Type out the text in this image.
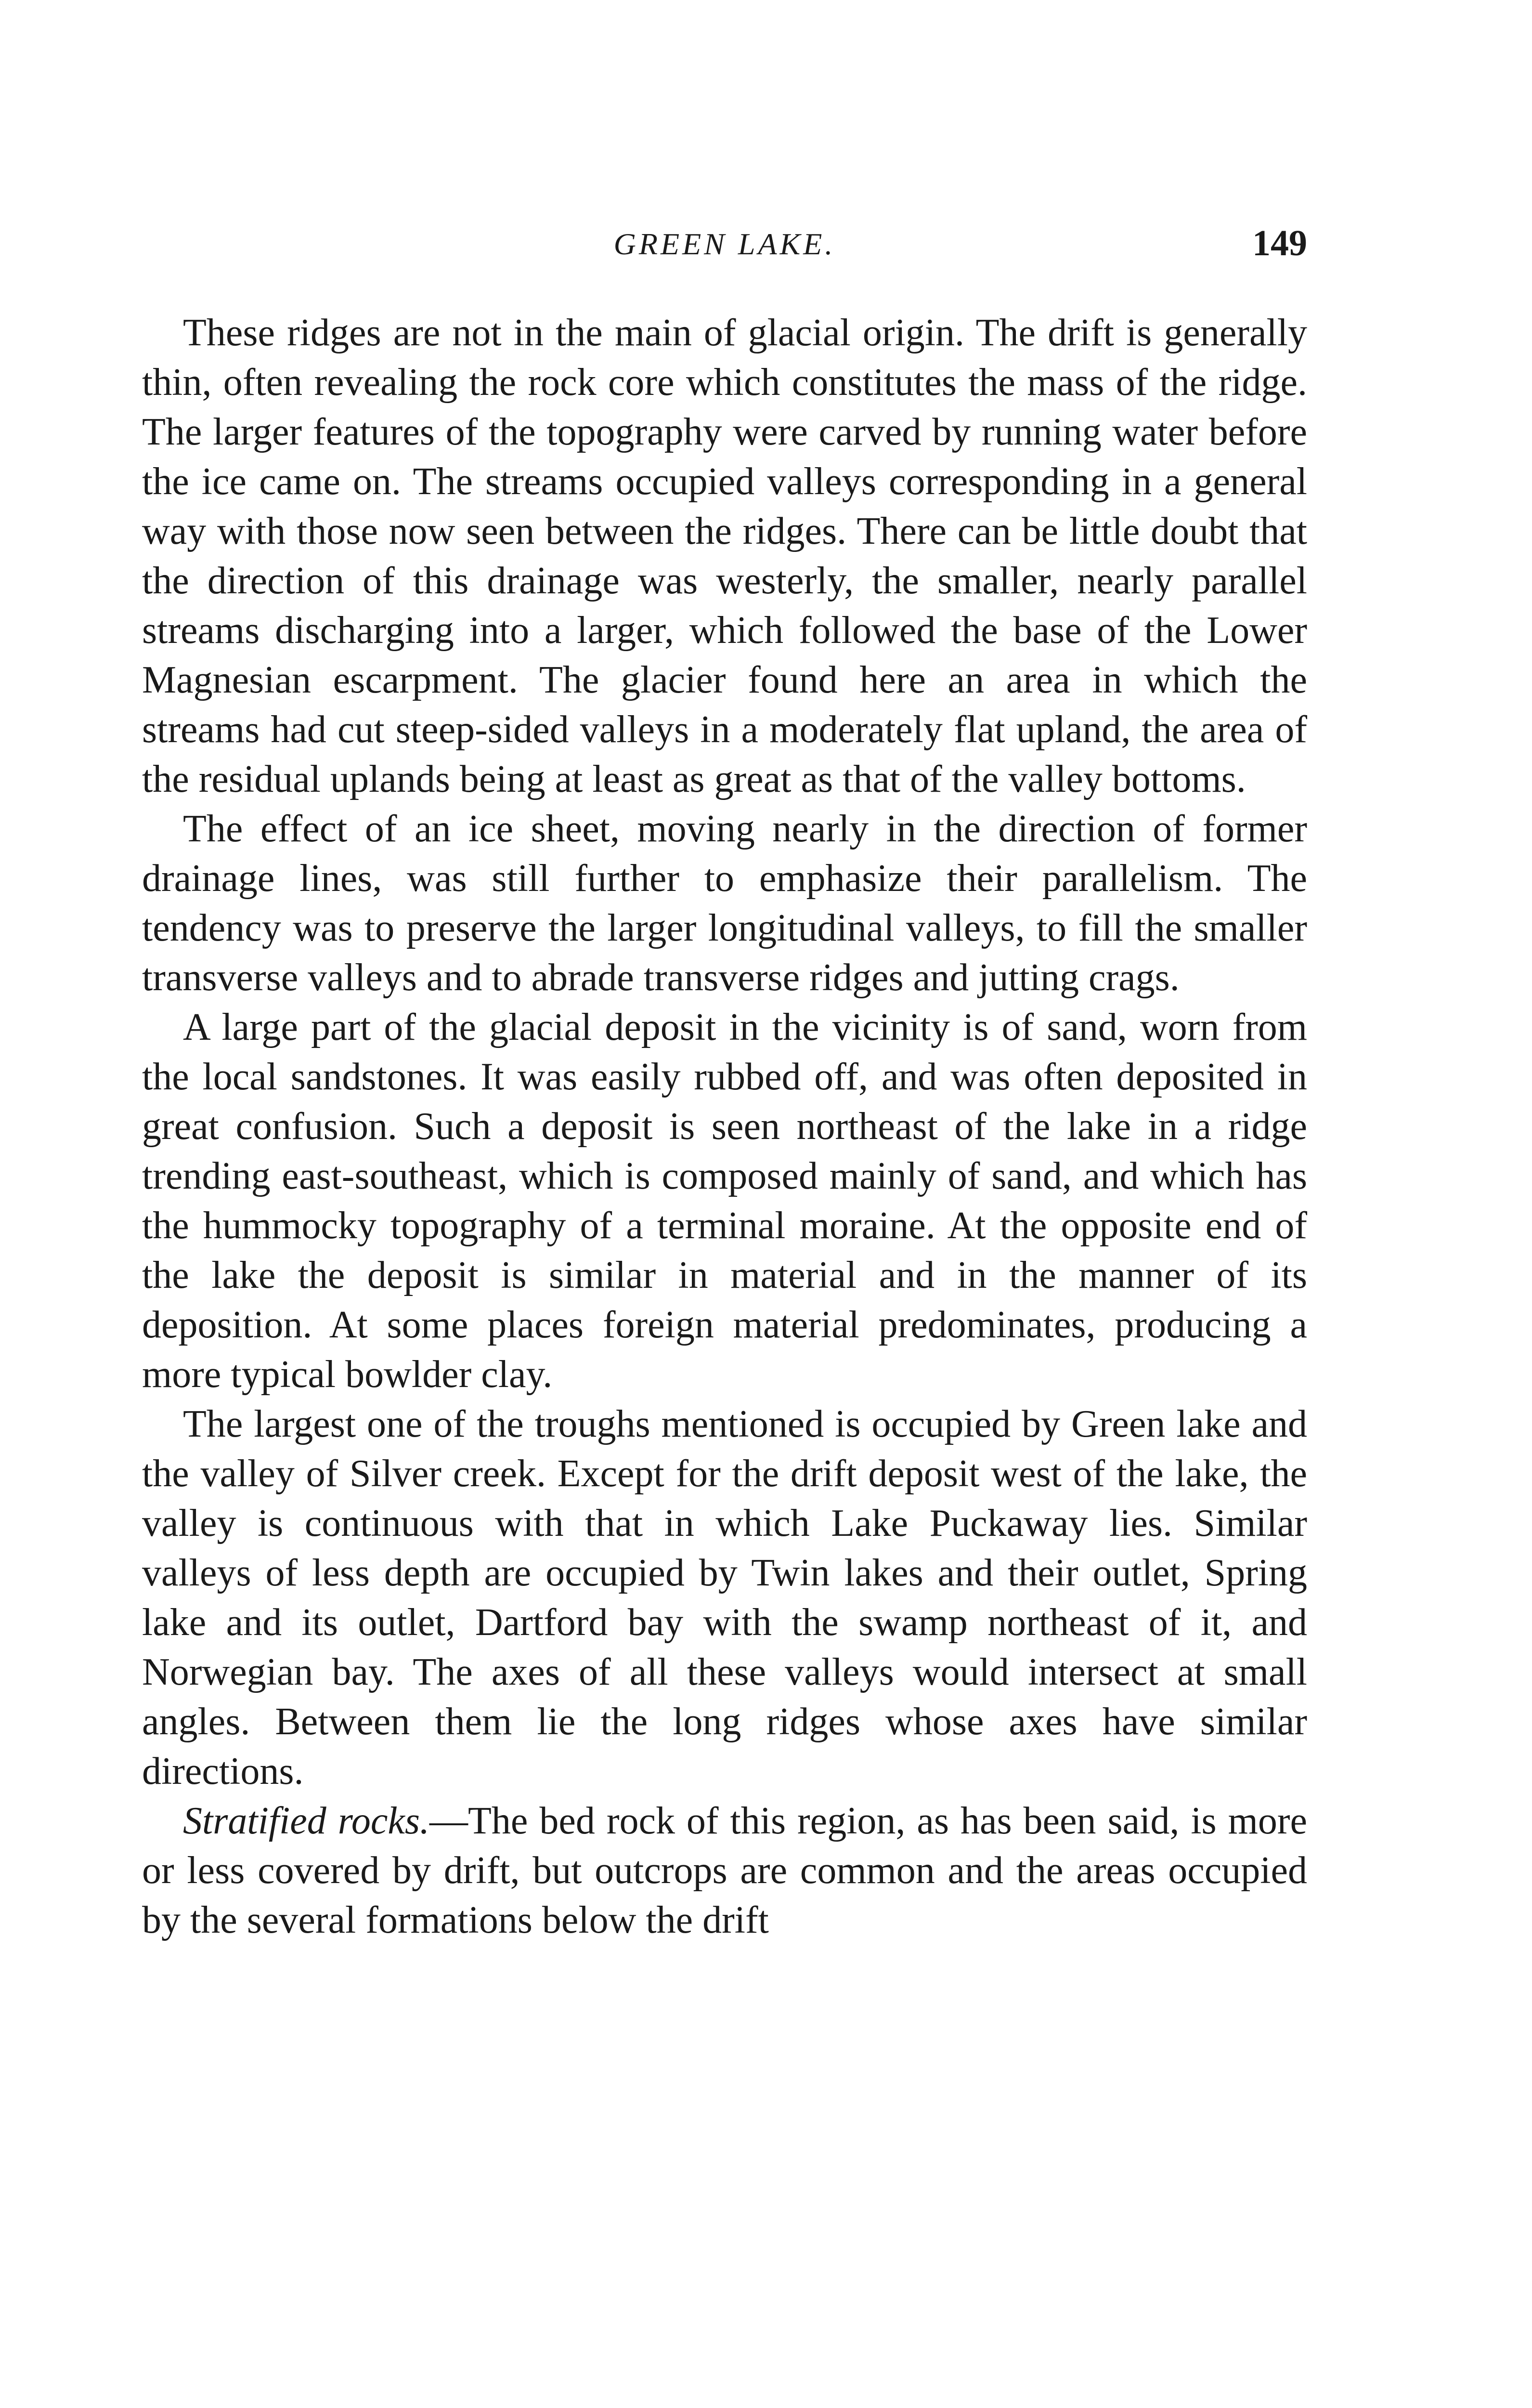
GREEN LAKE.	149

These ridges are not in the main of glacial origin. The drift is generally thin, often revealing the rock core which constitutes the mass of the ridge. The larger features of the topography were carved by running water before the ice came on. The streams occupied valleys corresponding in a general way with those now seen between the ridges. There can be little doubt that the direction of this drainage was westerly, the smaller, nearly parallel streams discharging into a larger, which followed the base of the Lower Magnesian escarpment. The glacier found here an area in which the streams had cut steep-sided valleys in a moderately flat upland, the area of the residual uplands being at least as great as that of the valley bottoms.

The effect of an ice sheet, moving nearly in the direction of former drainage lines, was still further to emphasize their parallelism. The tendency was to preserve the larger longitudinal valleys, to fill the smaller transverse valleys and to abrade transverse ridges and jutting crags.

A large part of the glacial deposit in the vicinity is of sand, worn from the local sandstones. It was easily rubbed off, and was often deposited in great confusion. Such a deposit is seen northeast of the lake in a ridge trending east-southeast, which is composed mainly of sand, and which has the hummocky topography of a terminal moraine. At the opposite end of the lake the deposit is similar in material and in the manner of its deposition. At some places foreign material predominates, producing a more typical bowlder clay.

The largest one of the troughs mentioned is occupied by Green lake and the valley of Silver creek. Except for the drift deposit west of the lake, the valley is continuous with that in which Lake Puckaway lies. Similar valleys of less depth are occupied by Twin lakes and their outlet, Spring lake and its outlet, Dartford bay with the swamp northeast of it, and Norwegian bay. The axes of all these valleys would intersect at small angles. Between them lie the long ridges whose axes have similar directions.

Stratified rocks.—The bed rock of this region, as has been said, is more or less covered by drift, but outcrops are common and the areas occupied by the several formations below the drift
